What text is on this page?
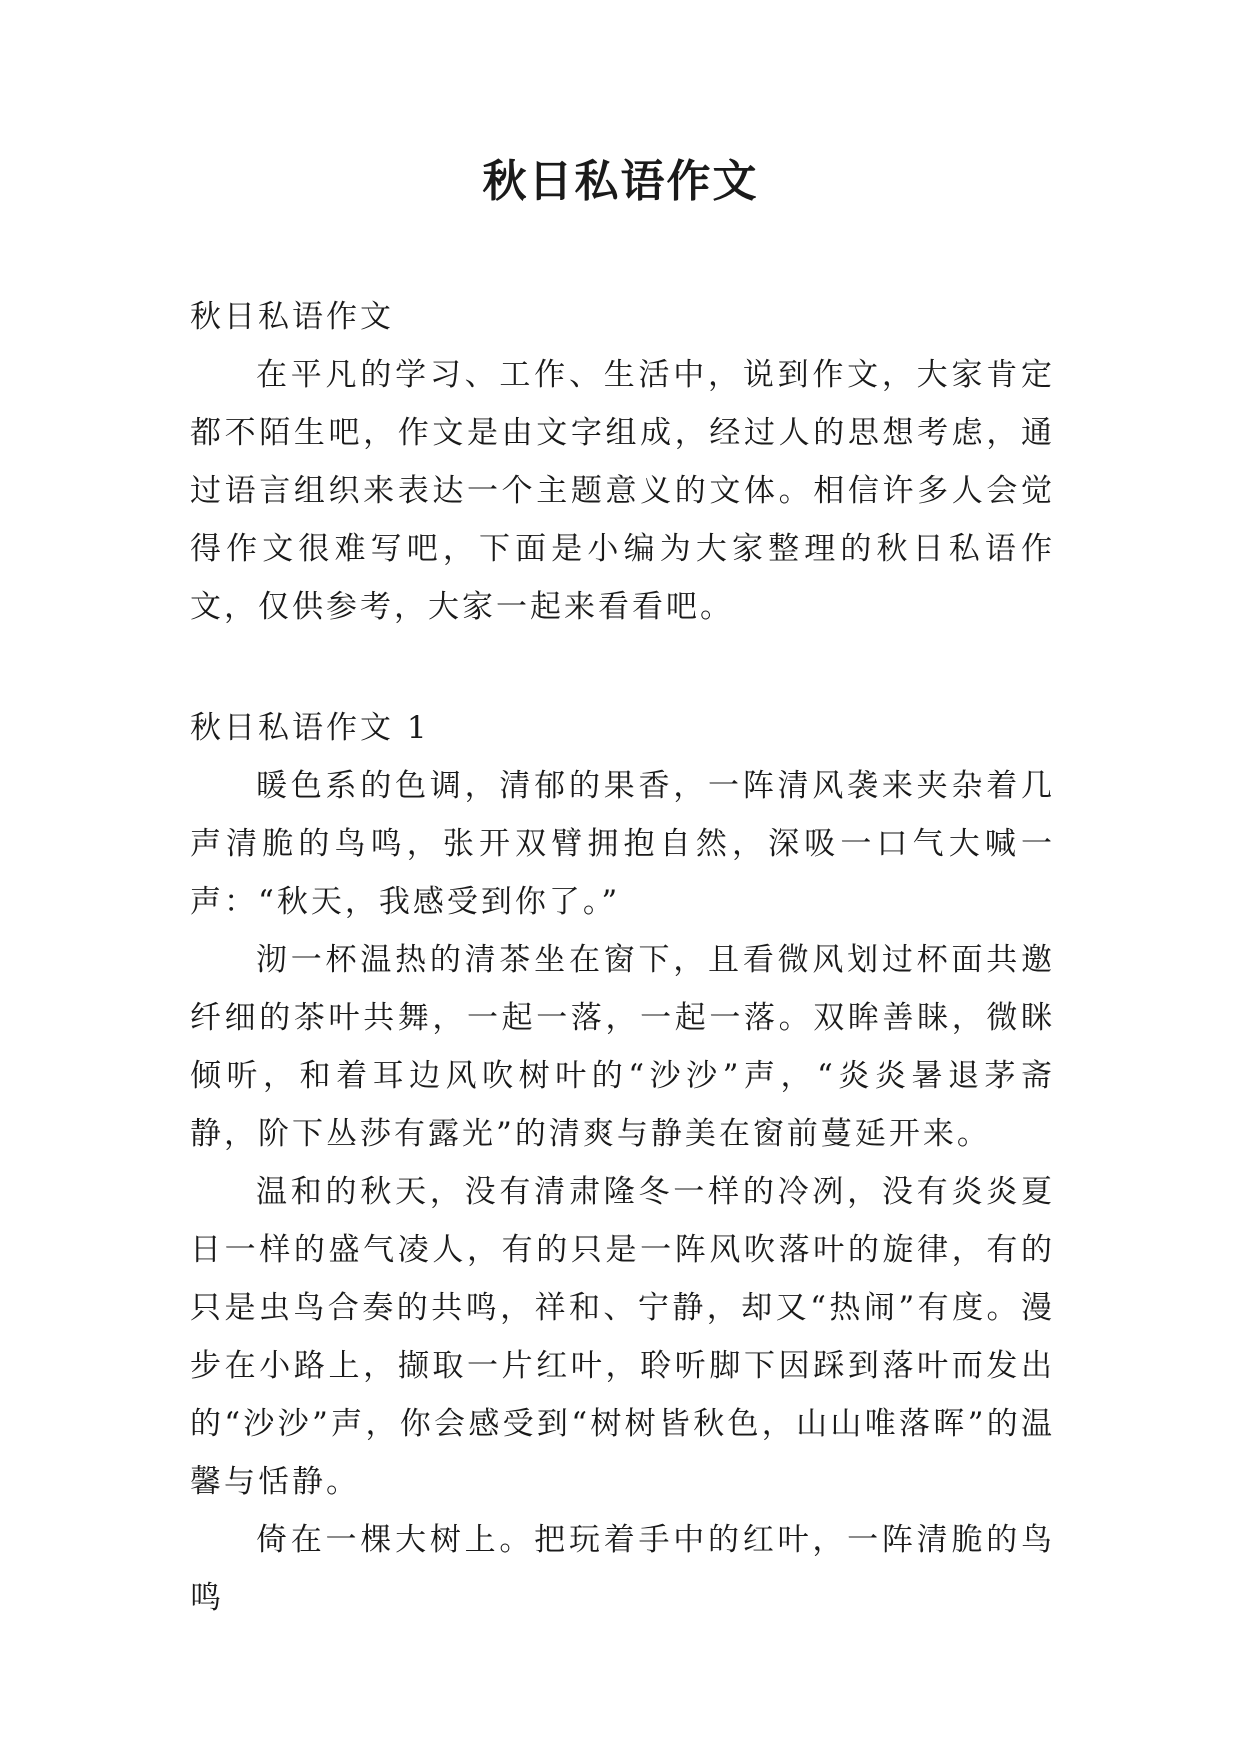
秋日私语作文
秋日私语作文

在平凡的学习、工作、生活中，说到作文，大家肯定都不陌生吧，作文是由文字组成，经过人的思想考虑，通过语言组织来表达一个主题意义的文体。相信许多人会觉得作文很难写吧，下面是小编为大家整理的秋日私语作文，仅供参考，大家一起来看看吧。

秋日私语作文 1

暖色系的色调，清郁的果香，一阵清风袭来夹杂着几声清脆的鸟鸣，张开双臂拥抱自然，深吸一口气大喊一声：“秋天，我感受到你了。”

沏一杯温热的清茶坐在窗下，且看微风划过杯面共邀纤细的茶叶共舞，一起一落，一起一落。双眸善睐，微眯倾听，和着耳边风吹树叶的“沙沙”声，“炎炎暑退茅斋静，阶下丛莎有露光”的清爽与静美在窗前蔓延开来。

温和的秋天，没有清肃隆冬一样的冷冽，没有炎炎夏日一样的盛气凌人，有的只是一阵风吹落叶的旋律，有的只是虫鸟合奏的共鸣，祥和、宁静，却又“热闹”有度。漫步在小路上，撷取一片红叶，聆听脚下因踩到落叶而发出的“沙沙”声，你会感受到“树树皆秋色，山山唯落晖”的温馨与恬静。

倚在一棵大树上。把玩着手中的红叶，一阵清脆的鸟鸣
